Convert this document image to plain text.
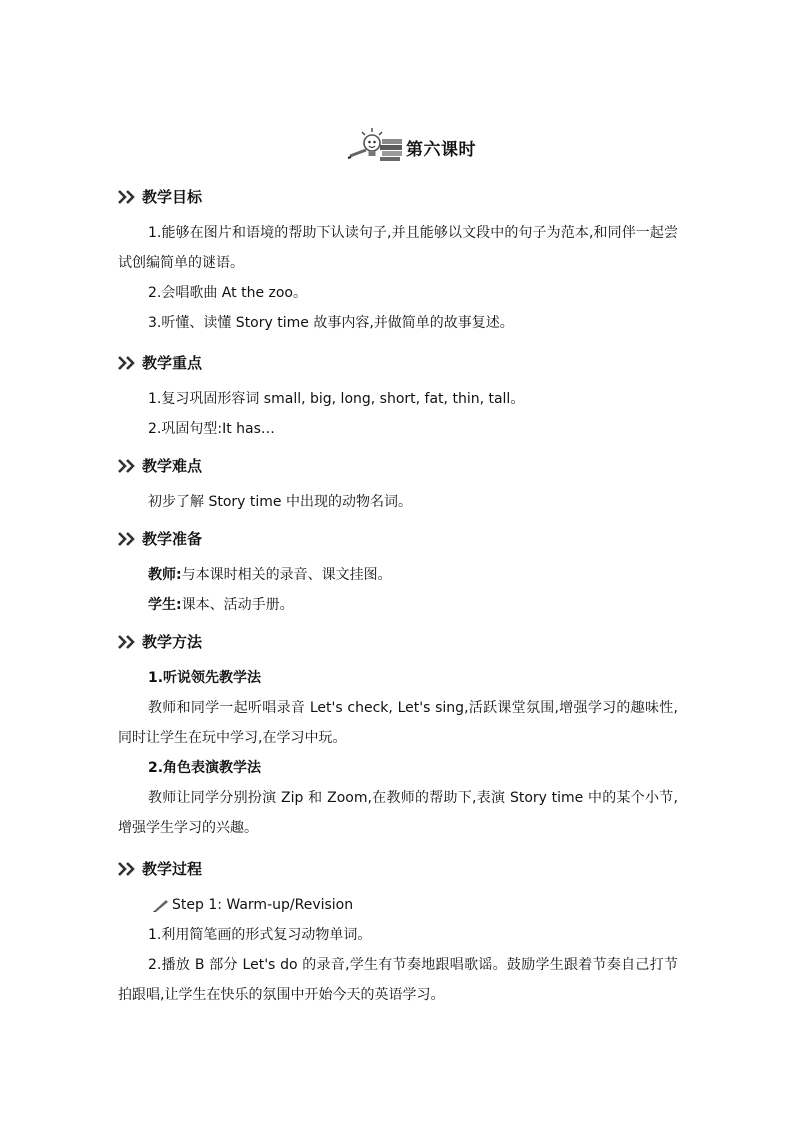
第六课时
教学目标

1.能够在图片和语境的帮助下认读句子,并且能够以文段中的句子为范本,和同伴一起尝试创编简单的谜语。

2.会唱歌曲 At the zoo。

3.听懂、读懂 Story time 故事内容,并做简单的故事复述。

教学重点

1.复习巩固形容词 small, big, long, short, fat, thin, tall。

2.巩固句型:It has…

教学难点

初步了解 Story time 中出现的动物名词。

教学准备

教师:与本课时相关的录音、课文挂图。

学生:课本、活动手册。

教学方法

1.听说领先教学法

教师和同学一起听唱录音 Let's check, Let's sing,活跃课堂氛围,增强学习的趣味性,同时让学生在玩中学习,在学习中玩。

2.角色表演教学法

教师让同学分别扮演 Zip 和 Zoom,在教师的帮助下,表演 Story time 中的某个小节,增强学生学习的兴趣。

教学过程
Step 1: Warm-up/Revision

1.利用简笔画的形式复习动物单词。

2.播放 B 部分 Let's do 的录音,学生有节奏地跟唱歌谣。鼓励学生跟着节奏自己打节拍跟唱,让学生在快乐的氛围中开始今天的英语学习。
